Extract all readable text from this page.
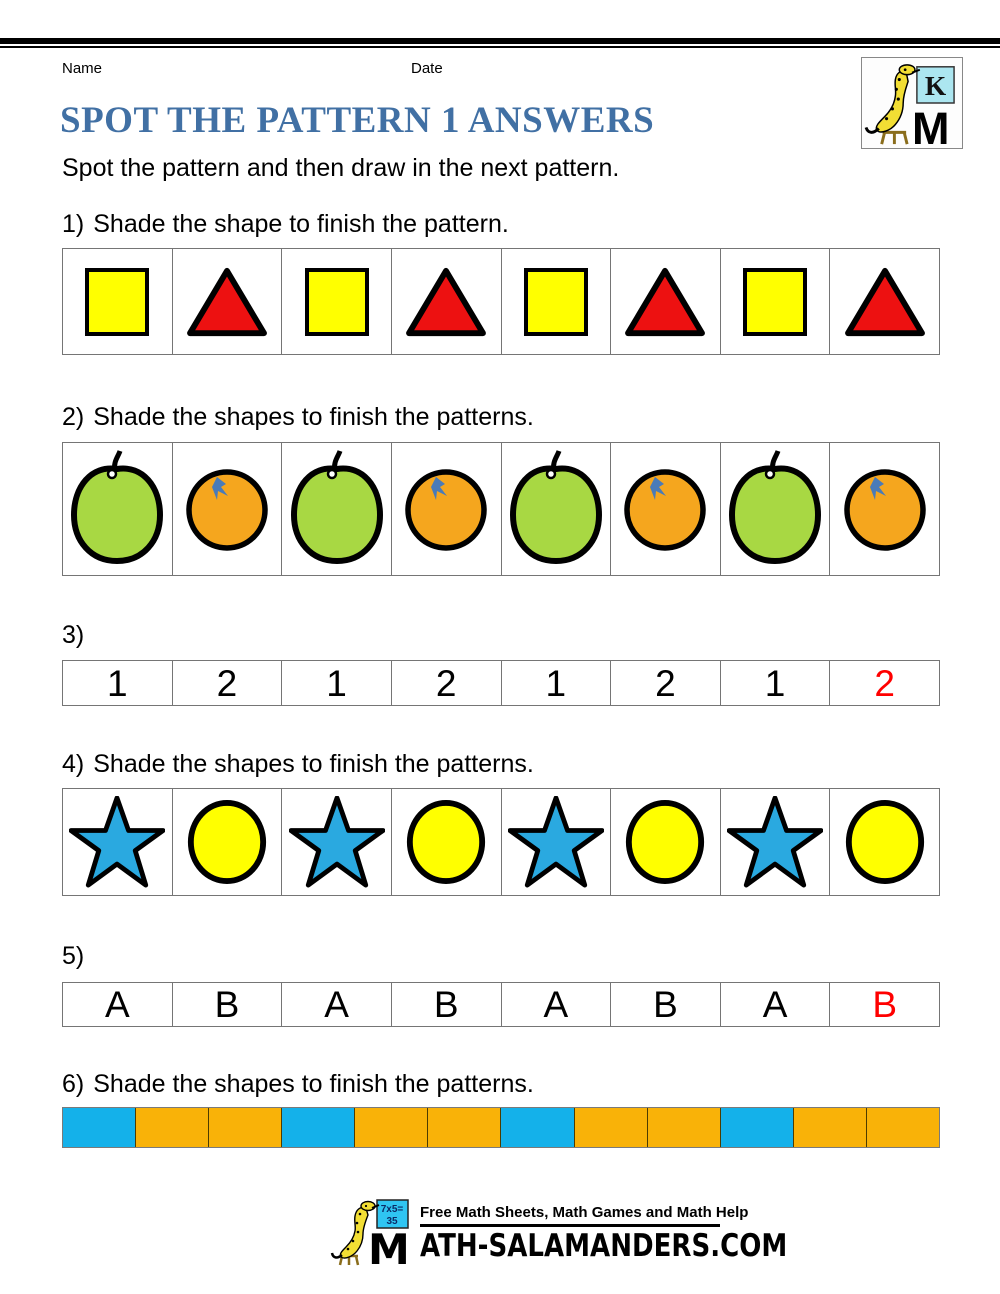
Name	Date
K
M
SPOT THE PATTERN 1 ANSWERS

Spot the pattern and then draw in the next pattern.

1) Shade the shape to finish the pattern.

2) Shade the shapes to finish the patterns.

3)

1 2 1 2 1 2 1 2

4) Shade the shapes to finish the patterns.

5)

A B A B A B A B

6) Shade the shapes to finish the patterns.

7x5=
35
M
Free Math Sheets, Math Games and Math Help
ATH-SALAMANDERS.COM
